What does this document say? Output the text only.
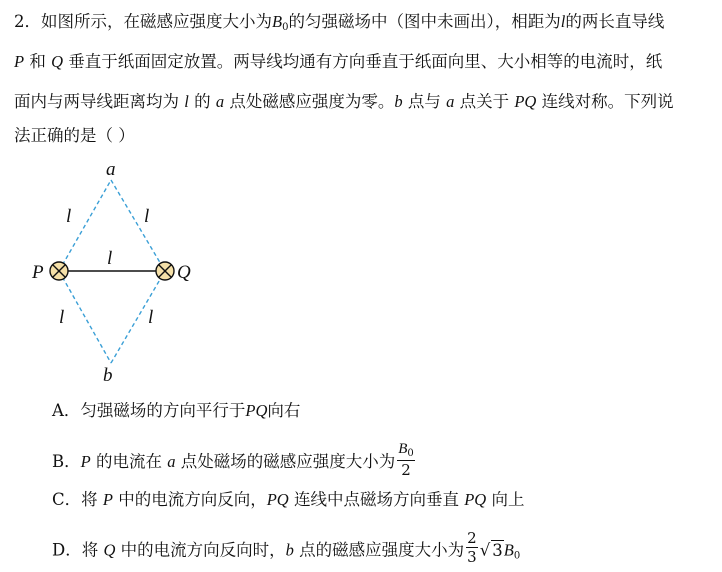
2．如图所示，在磁感应强度大小为$B_0$的匀强磁场中（图中未画出），相距为l的两长直导线
P 和 Q 垂直于纸面固定放置。两导线均通有方向垂直于纸面向里、大小相等的电流时，纸
面内与两导线距离均为 l 的 a 点处磁感应强度为零。b 点与 a 点关于 PQ 连线对称。下列说
法正确的是（ ）
a
b
P	Q
l	l
l
l	l
A．匀强磁场的方向平行于PQ向右
B．P 的电流在 a 点处磁场的磁感应强度大小为 $\frac{B_0}{2}$
C．将 P 中的电流方向反向，PQ 连线中点磁场方向垂直 PQ 向上
D．将 Q 中的电流方向反向时，b 点的磁感应强度大小为 $\frac{2}{3}$ √ $3B_0$
